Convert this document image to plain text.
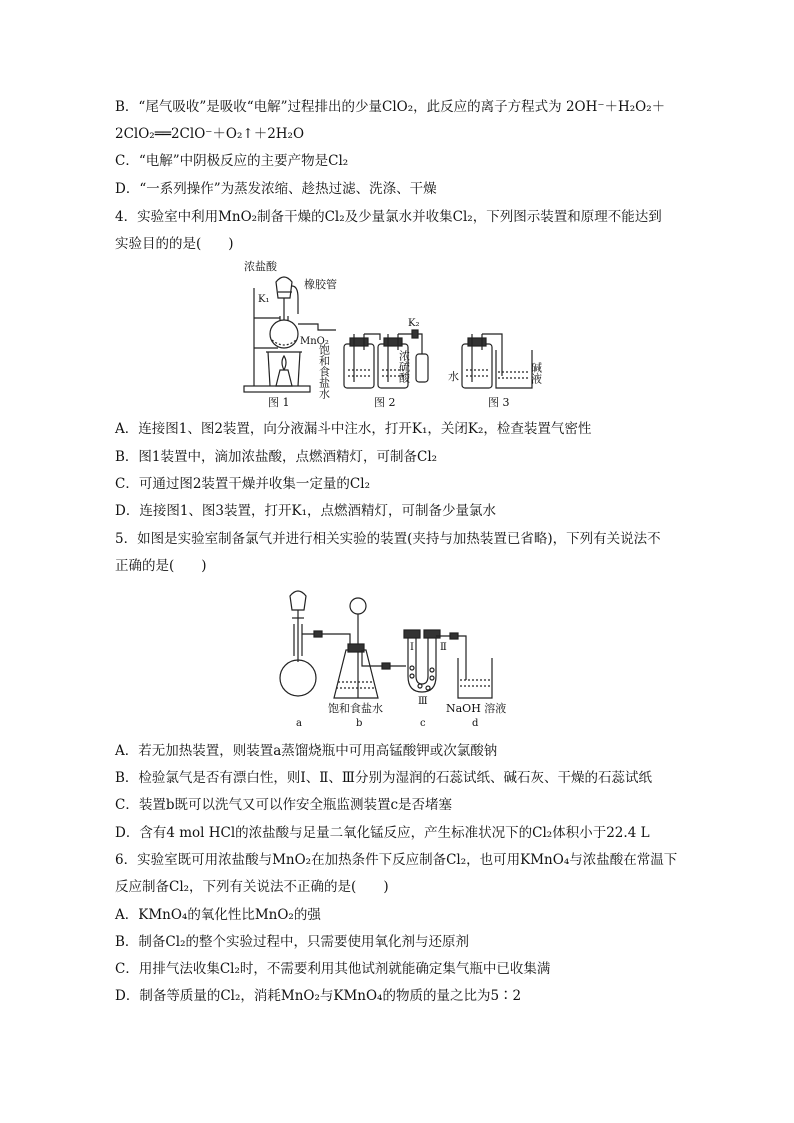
B．“尾气吸收”是吸收“电解”过程排出的少量ClO₂，此反应的离子方程式为 2OH⁻＋H₂O₂＋
2ClO₂══2ClO⁻＋O₂↑＋2H₂O
C．“电解”中阴极反应的主要产物是Cl₂
D．“一系列操作”为蒸发浓缩、趁热过滤、洗涤、干燥
4．实验室中利用MnO₂制备干燥的Cl₂及少量氯水并收集Cl₂，下列图示装置和原理不能达到
实验目的的是(　　)
浓盐酸
橡胶管
K₁
MnO₂
饱和食盐水
K₂
浓硫酸	水	碱液
图 1	图 2	图 3
A．连接图1、图2装置，向分液漏斗中注水，打开K₁，关闭K₂，检查装置气密性
B．图1装置中，滴加浓盐酸，点燃酒精灯，可制备Cl₂
C．可通过图2装置干燥并收集一定量的Cl₂
D．连接图1、图3装置，打开K₁，点燃酒精灯，可制备少量氯水
5．如图是实验室制备氯气并进行相关实验的装置(夹持与加热装置已省略)，下列有关说法不
正确的是(　　)
Ⅰ	Ⅱ
Ⅲ
饱和食盐水	NaOH 溶液
a	b	c	d
A．若无加热装置，则装置a蒸馏烧瓶中可用高锰酸钾或次氯酸钠
B．检验氯气是否有漂白性，则Ⅰ、Ⅱ、Ⅲ分别为湿润的石蕊试纸、碱石灰、干燥的石蕊试纸
C．装置b既可以洗气又可以作安全瓶监测装置c是否堵塞
D．含有4 mol HCl的浓盐酸与足量二氧化锰反应，产生标准状况下的Cl₂体积小于22.4 L
6．实验室既可用浓盐酸与MnO₂在加热条件下反应制备Cl₂，也可用KMnO₄与浓盐酸在常温下
反应制备Cl₂，下列有关说法不正确的是(　　)
A．KMnO₄的氧化性比MnO₂的强
B．制备Cl₂的整个实验过程中，只需要使用氧化剂与还原剂
C．用排气法收集Cl₂时，不需要利用其他试剂就能确定集气瓶中已收集满
D．制备等质量的Cl₂，消耗MnO₂与KMnO₄的物质的量之比为5∶2
